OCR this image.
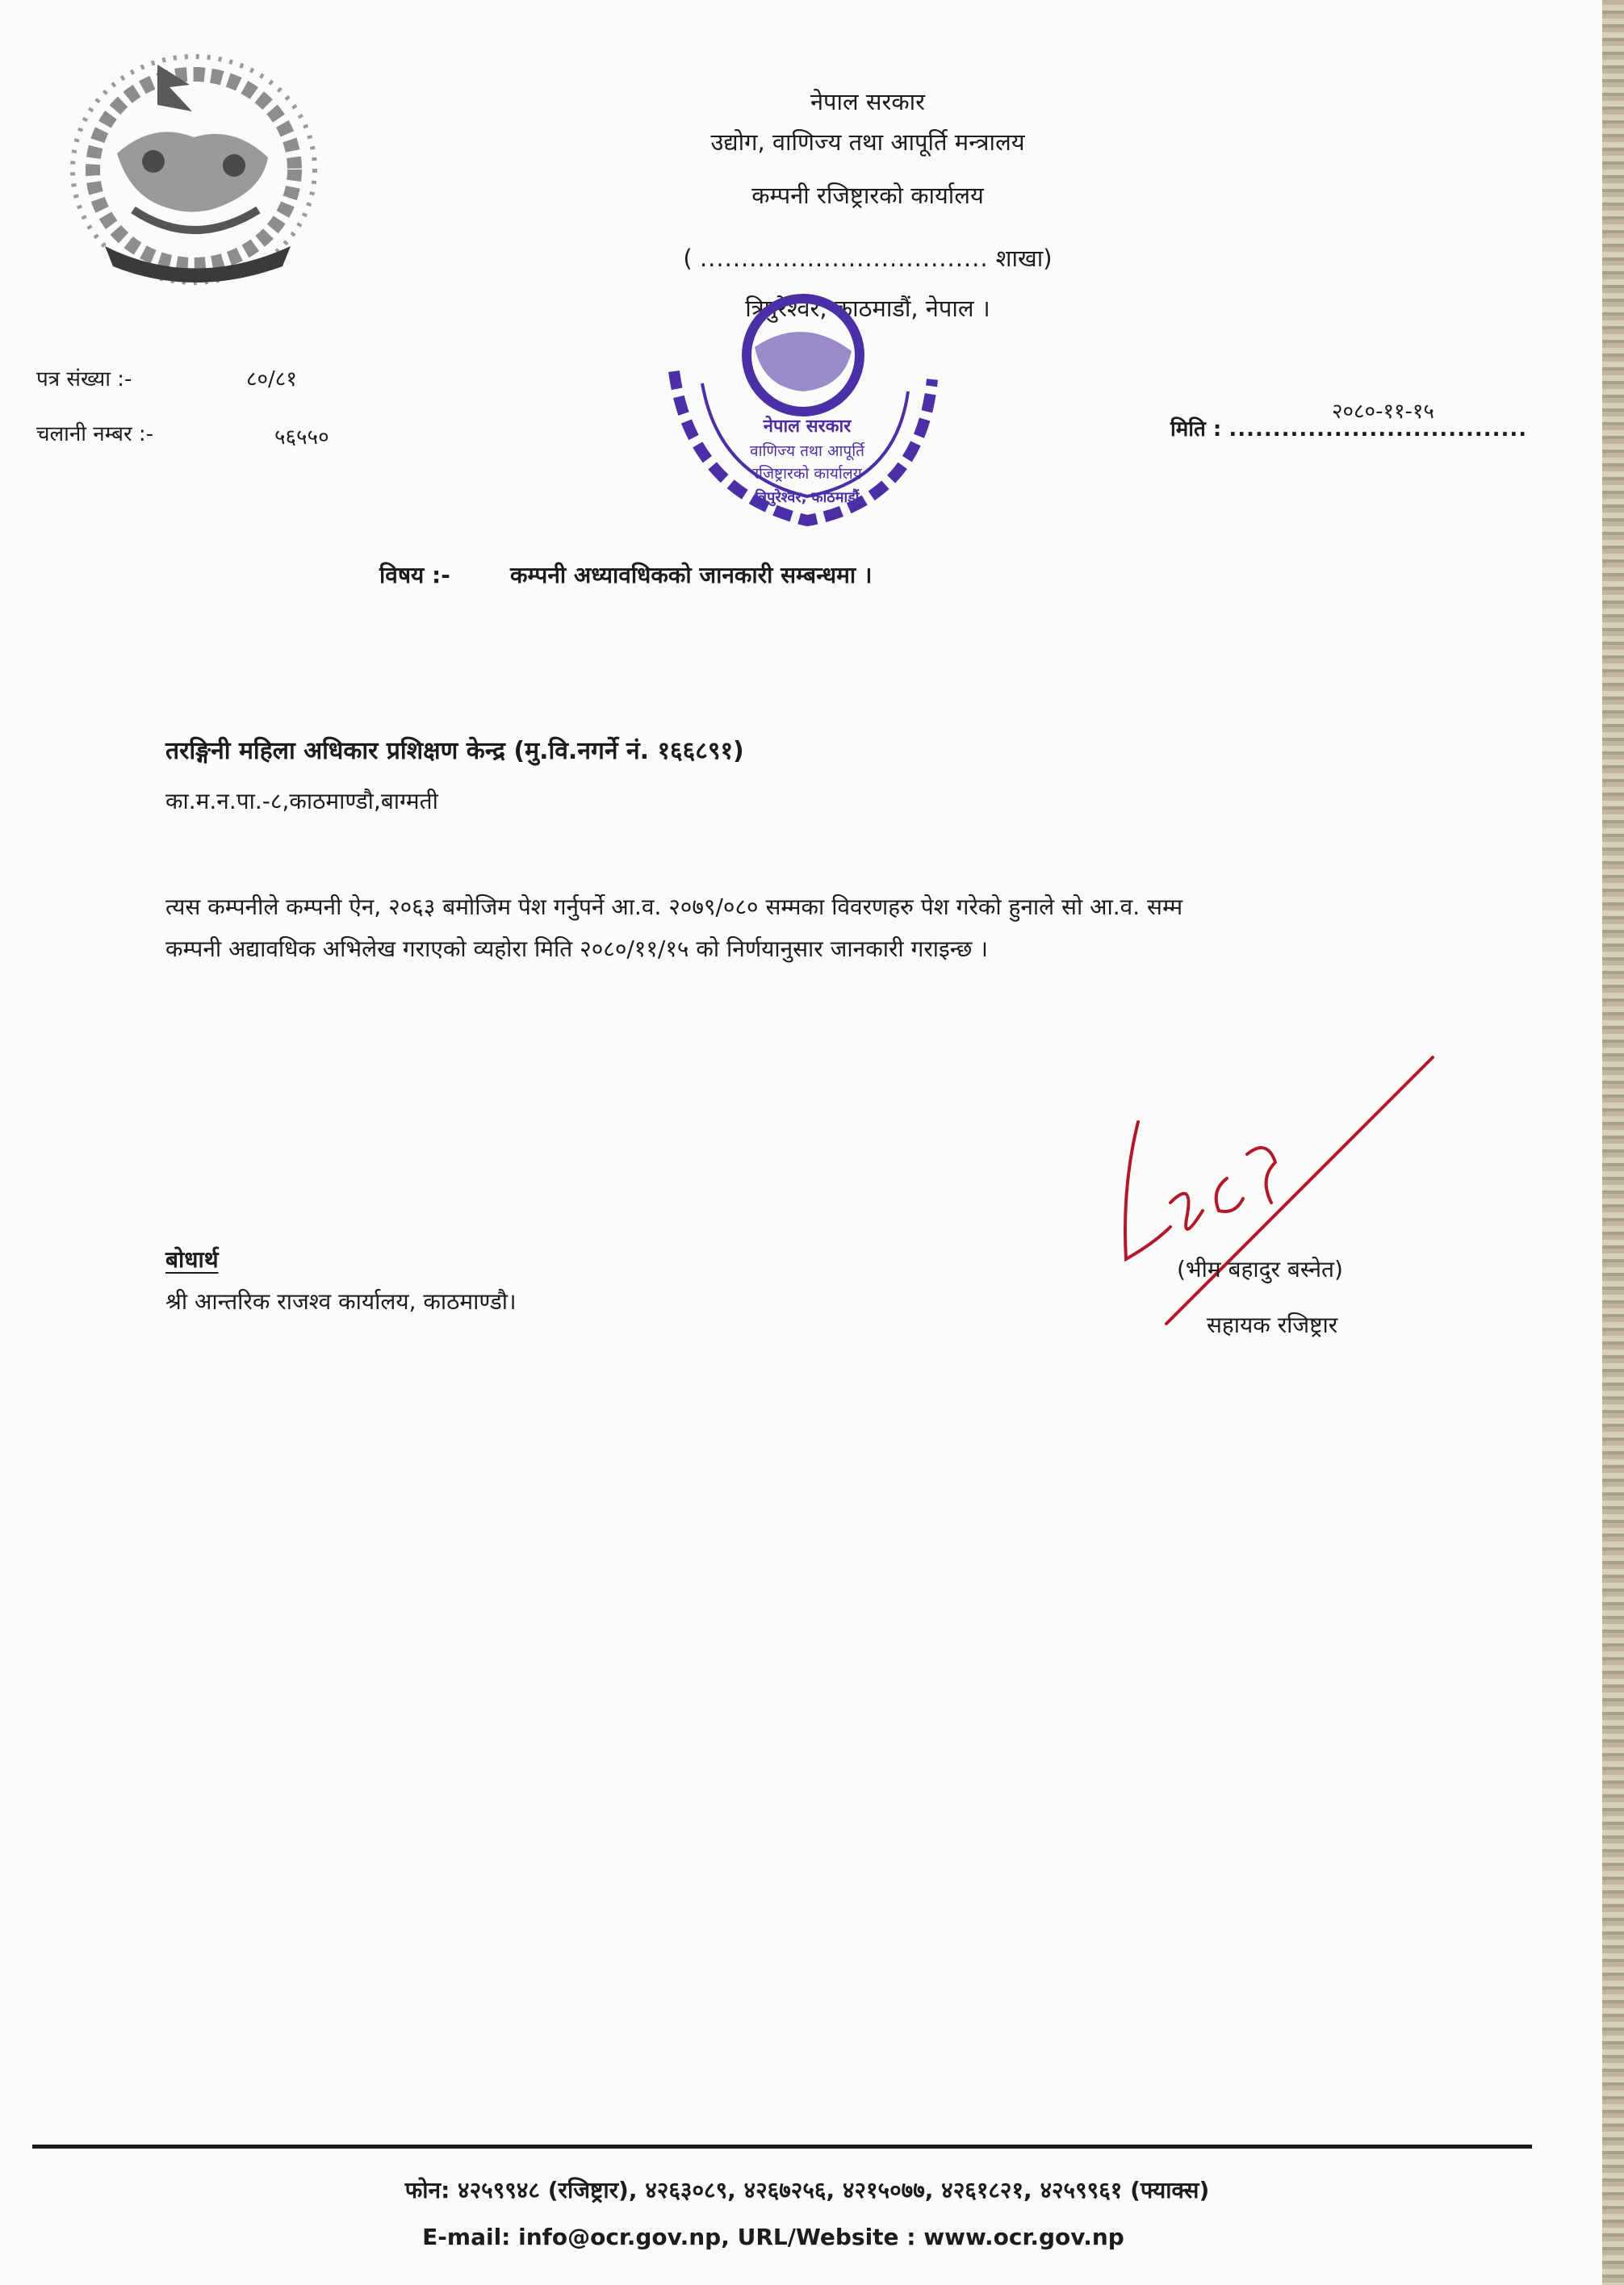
नेपाल सरकार
उद्योग, वाणिज्य तथा आपूर्ति मन्त्रालय
कम्पनी रजिष्ट्रारको कार्यालय
( ................................... शाखा)
त्रिपुरेश्वर, काठमाडौं, नेपाल ।
पत्र संख्या :-	८०/८१
चलानी नम्बर :-	५६५५०
२०८०-११-१५
मिति : ..................................
नेपाल सरकार
वाणिज्य तथा आपूर्ति
रजिष्ट्रारको कार्यालय
त्रिपुरेश्वर, काठमाडौं
विषय :-	कम्पनी अध्यावधिकको जानकारी सम्बन्धमा ।
तरङ्गिनी महिला अधिकार प्रशिक्षण केन्द्र (मु.वि.नगर्ने नं. १६६८९१)
का.म.न.पा.-८,काठमाण्डौ,बाग्मती
त्यस कम्पनीले कम्पनी ऐन, २०६३ बमोजिम पेश गर्नुपर्ने आ.व. २०७९/०८० सम्मका विवरणहरु पेश गरेको हुनाले सो आ.व. सम्म
कम्पनी अद्यावधिक अभिलेख गराएको व्यहोरा मिति २०८०/११/१५ को निर्णयानुसार जानकारी गराइन्छ ।
(भीम बहादुर बस्नेत)
सहायक रजिष्ट्रार
बोधार्थ
श्री आन्तरिक राजश्व कार्यालय, काठमाण्डौ।
फोन: ४२५९९४८ (रजिष्ट्रार), ४२६३०८९, ४२६७२५६, ४२१५०७७, ४२६१८२१, ४२५९९६१ (फ्याक्स)
E-mail: info@ocr.gov.np, URL/Website : www.ocr.gov.np
